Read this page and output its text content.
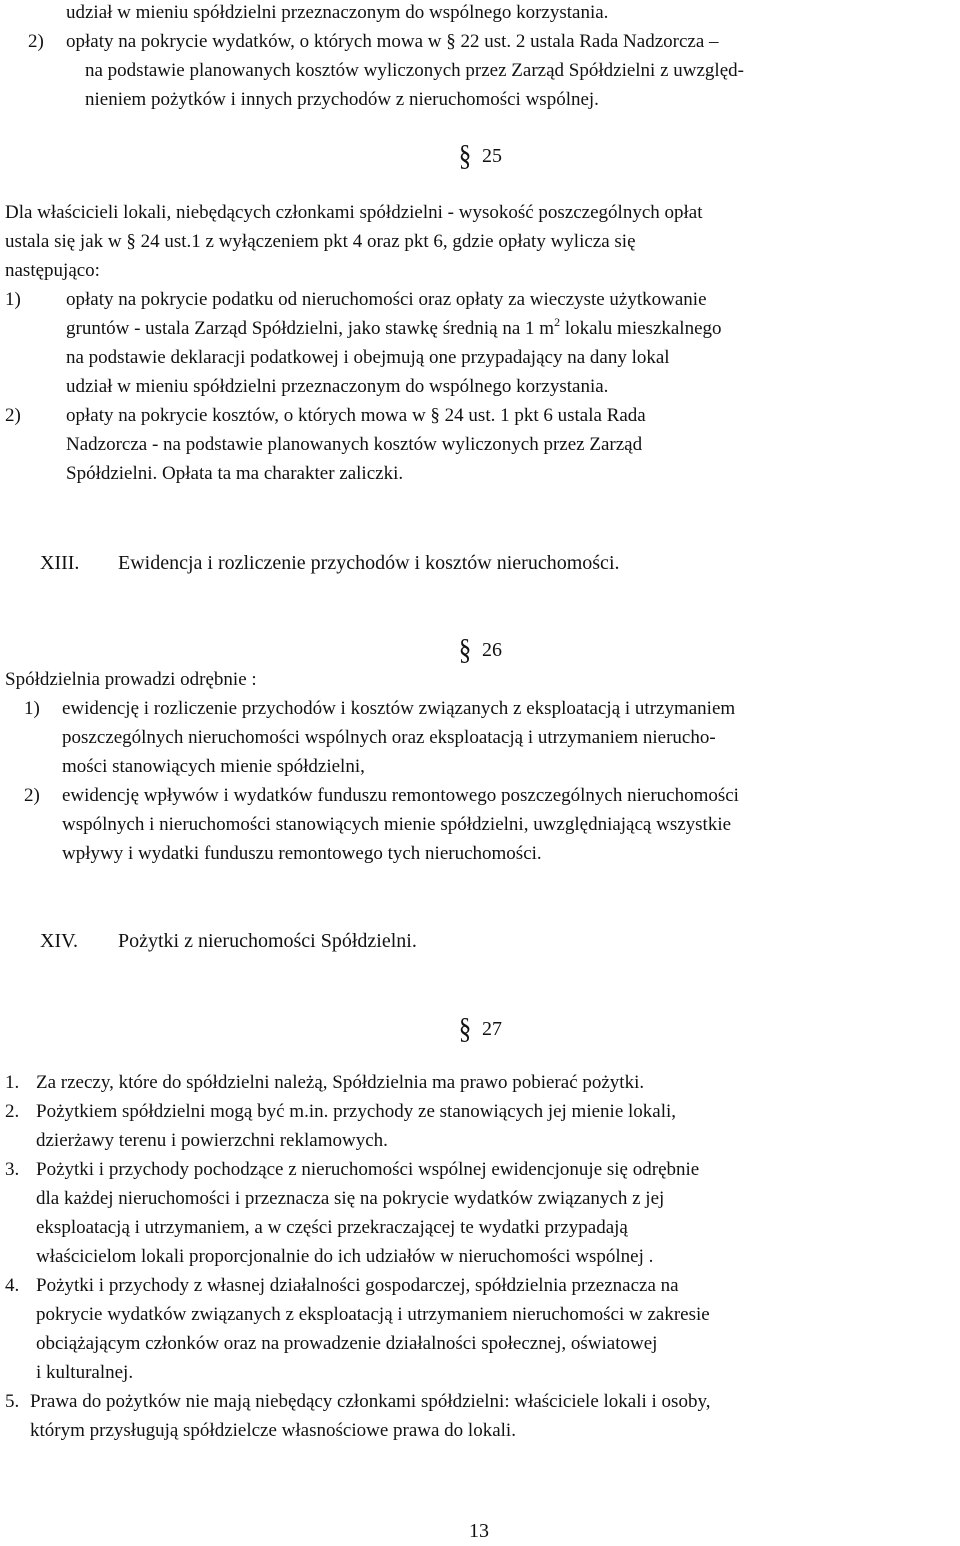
udział w mieniu spółdzielni przeznaczonym do wspólnego korzystania.

2)	opłaty na pokrycie wydatków, o których mowa w § 22 ust. 2 ustala Rada Nadzorcza –

na podstawie planowanych kosztów wyliczonych przez Zarząd Spółdzielni z uwzględ-

nieniem pożytków i innych przychodów z nieruchomości wspólnej.

§ 25

Dla właścicieli lokali, niebędących członkami spółdzielni - wysokość poszczególnych opłat

ustala się jak w § 24 ust.1 z wyłączeniem pkt 4 oraz pkt 6, gdzie opłaty wylicza się

następująco:

1)	opłaty na pokrycie podatku od nieruchomości oraz opłaty za wieczyste użytkowanie

gruntów - ustala Zarząd Spółdzielni, jako stawkę średnią na 1 $m^2$ lokalu mieszkalnego

na podstawie deklaracji podatkowej i obejmują one przypadający na dany lokal

udział w mieniu spółdzielni przeznaczonym do wspólnego korzystania.

2)	opłaty na pokrycie kosztów, o których mowa w § 24 ust. 1 pkt 6 ustala Rada

Nadzorcza - na podstawie planowanych kosztów wyliczonych przez Zarząd

Spółdzielni. Opłata ta ma charakter zaliczki.

XIII. Ewidencja i rozliczenie przychodów i kosztów nieruchomości.
§ 26

Spółdzielnia prowadzi odrębnie :

1)	ewidencję i rozliczenie przychodów i kosztów związanych z eksploatacją i utrzymaniem

poszczególnych nieruchomości wspólnych oraz eksploatacją i utrzymaniem nierucho-

mości stanowiących mienie spółdzielni,

2)	ewidencję wpływów i wydatków funduszu remontowego poszczególnych nieruchomości

wspólnych i nieruchomości stanowiących mienie spółdzielni, uwzględniającą wszystkie

wpływy i wydatki funduszu remontowego tych nieruchomości.

XIV. Pożytki z nieruchomości Spółdzielni.
§ 27
1. Za rzeczy, które do spółdzielni należą, Spółdzielnia ma prawo pobierać pożytki.

2. Pożytkiem spółdzielni mogą być m.in. przychody ze stanowiących jej mienie lokali,

dzierżawy terenu i powierzchni reklamowych.

3. Pożytki i przychody pochodzące z nieruchomości wspólnej ewidencjonuje się odrębnie

dla każdej nieruchomości i przeznacza się na pokrycie wydatków związanych z jej

eksploatacją i utrzymaniem, a w części przekraczającej te wydatki przypadają

właścicielom lokali proporcjonalnie do ich udziałów w nieruchomości wspólnej .

4. Pożytki i przychody z własnej działalności gospodarczej, spółdzielnia przeznacza na

pokrycie wydatków związanych z eksploatacją i utrzymaniem nieruchomości w zakresie

obciążającym członków oraz na prowadzenie działalności społecznej, oświatowej

i kulturalnej.

5. Prawa do pożytków nie mają niebędący członkami spółdzielni: właściciele lokali i osoby,

którym przysługują spółdzielcze własnościowe prawa do lokali.

13
